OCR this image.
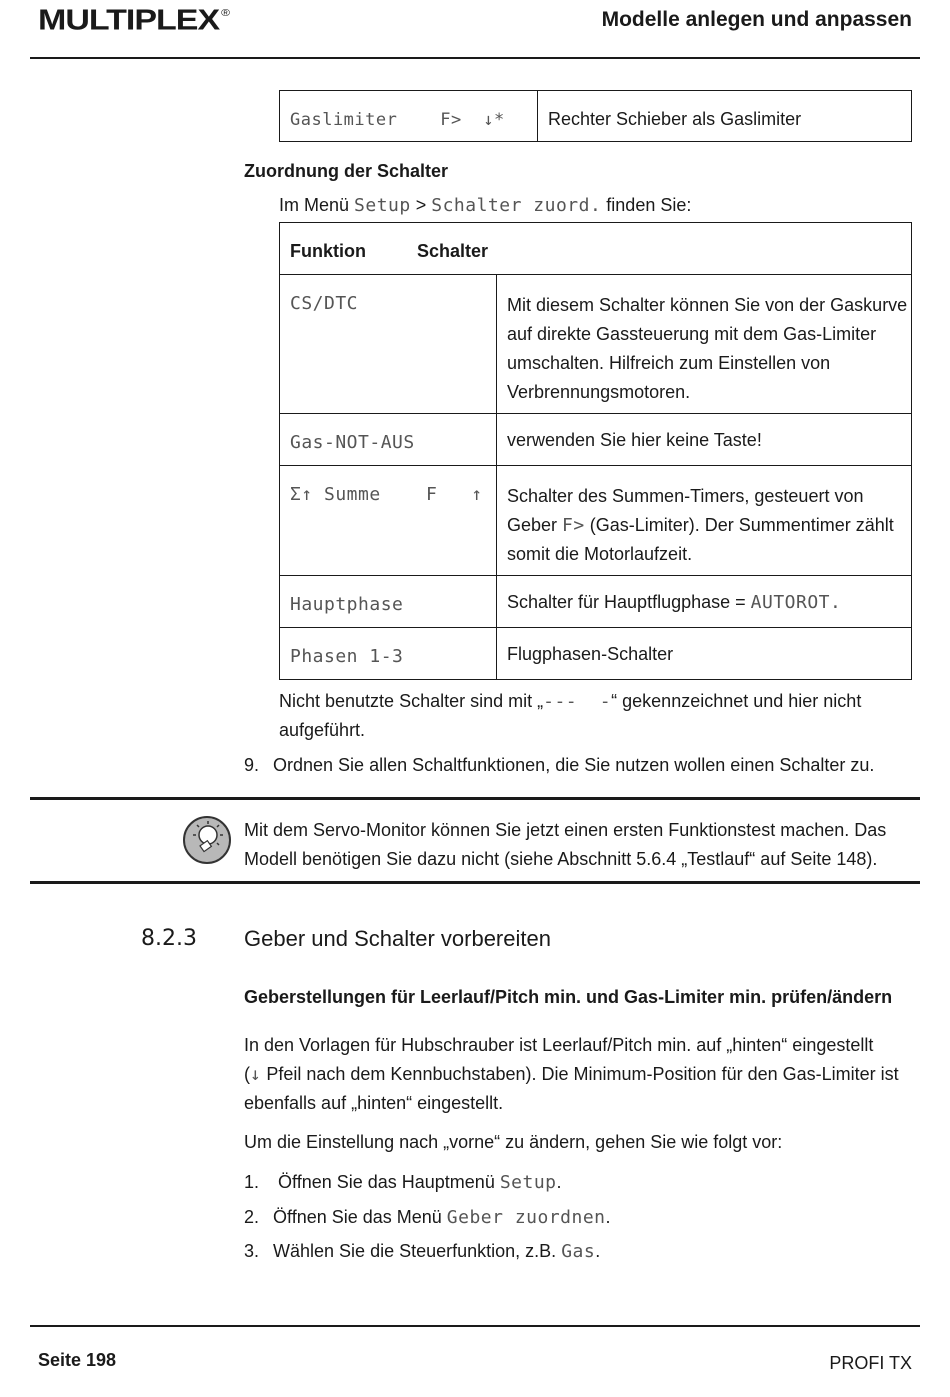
MULTIPLEX ®	Modelle anlegen und anpassen
Gaslimiter    F>  ↓*	Rechter Schieber als Gaslimiter
Zuordnung der Schalter
Im Menü Setup > Schalter zuord. finden Sie:
Funktion Schalter	
CS/DTC	Mit diesem Schalter können Sie von der Gaskurve auf direkte Gassteuerung mit dem Gas-Limiter umschalten. Hilfreich zum Einstellen von Verbrennungsmotoren.
Gas-NOT-AUS	verwenden Sie hier keine Taste!
Σ↑ Summe    F   ↑	Schalter des Summen-Timers, gesteuert von Geber F> (Gas-Limiter). Der Summentimer zählt somit die Motorlaufzeit.
Hauptphase	Schalter für Hauptflugphase = AUTOROT.
Phasen 1-3	Flugphasen-Schalter
Nicht benutzte Schalter sind mit „---  -“ gekennzeichnet und hier nicht aufgeführt.
9. Ordnen Sie allen Schaltfunktionen, die Sie nutzen wollen einen Schalter zu.
Mit dem Servo-Monitor können Sie jetzt einen ersten Funktionstest machen. Das
Modell benötigen Sie dazu nicht (siehe Abschnitt 5.6.4 „Testlauf“ auf Seite 148).
8.2.3 Geber und Schalter vorbereiten
Geberstellungen für Leerlauf/Pitch min. und Gas-Limiter min. prüfen/ändern
In den Vorlagen für Hubschrauber ist Leerlauf/Pitch min. auf „hinten“ eingestellt
(↓ Pfeil nach dem Kennbuchstaben). Die Minimum-Position für den Gas-Limiter ist
ebenfalls auf „hinten“ eingestellt.
Um die Einstellung nach „vorne“ zu ändern, gehen Sie wie folgt vor:
1. Öffnen Sie das Hauptmenü Setup.
2. Öffnen Sie das Menü Geber zuordnen.
3. Wählen Sie die Steuerfunktion, z.B. Gas.
Seite 198	PROFI TX
